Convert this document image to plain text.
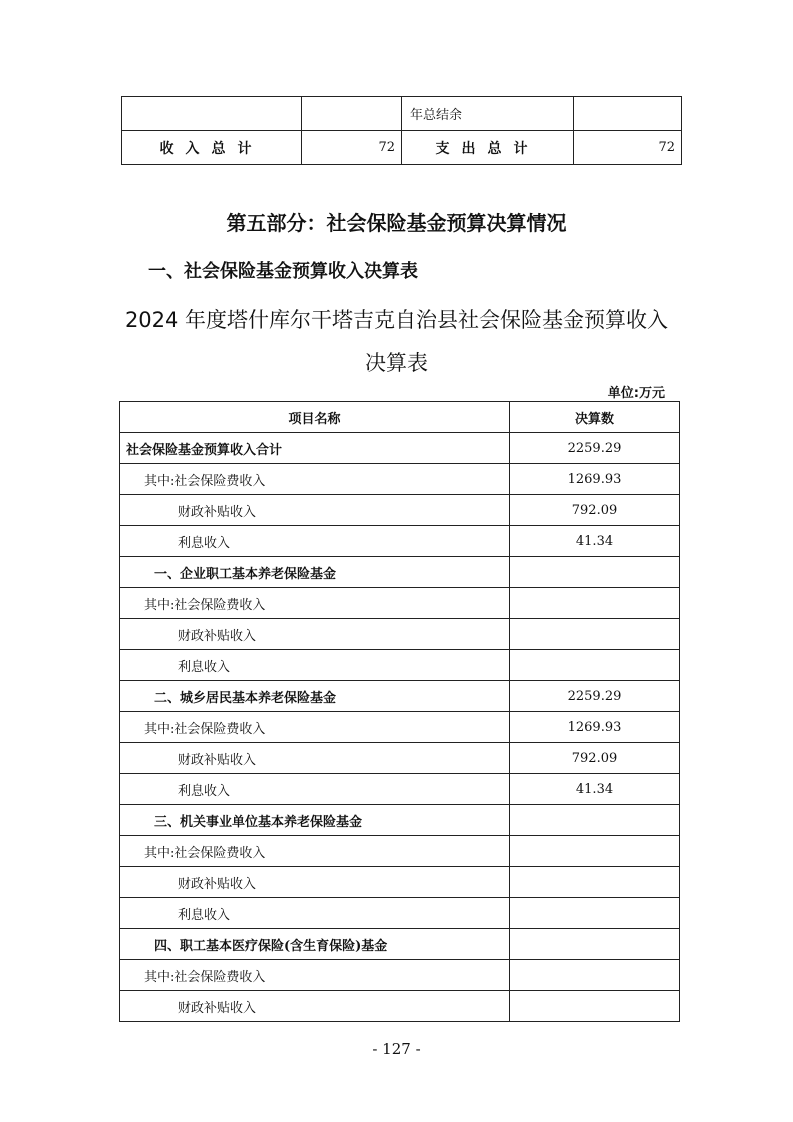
		年总结余	
收入总计	72	支出总计	72
第五部分：社会保险基金预算决算情况
一、社会保险基金预算收入决算表
2024 年度塔什库尔干塔吉克自治县社会保险基金预算收入
决算表
单位:万元
项目名称	决算数
社会保险基金预算收入合计	2259.29
其中:社会保险费收入	1269.93
财政补贴收入	792.09
利息收入	41.34
一、企业职工基本养老保险基金	
其中:社会保险费收入	
财政补贴收入	
利息收入	
二、城乡居民基本养老保险基金	2259.29
其中:社会保险费收入	1269.93
财政补贴收入	792.09
利息收入	41.34
三、机关事业单位基本养老保险基金	
其中:社会保险费收入	
财政补贴收入	
利息收入	
四、职工基本医疗保险(含生育保险)基金	
其中:社会保险费收入	
财政补贴收入	
- 127 -
